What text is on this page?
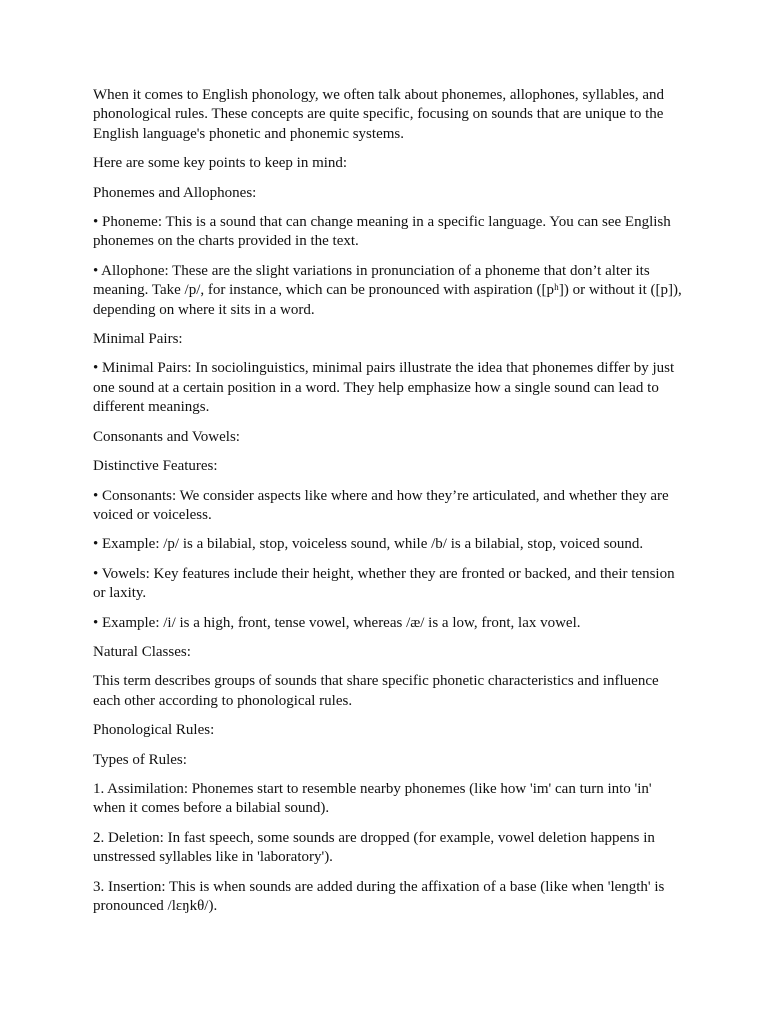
When it comes to English phonology, we often talk about phonemes, allophones, syllables, and phonological rules. These concepts are quite specific, focusing on sounds that are unique to the English language's phonetic and phonemic systems.

Here are some key points to keep in mind:

Phonemes and Allophones:

• Phoneme: This is a sound that can change meaning in a specific language. You can see English phonemes on the charts provided in the text.

• Allophone: These are the slight variations in pronunciation of a phoneme that don’t alter its meaning. Take /p/, for instance, which can be pronounced with aspiration ([pʰ]) or without it ([p]), depending on where it sits in a word.

Minimal Pairs:

• Minimal Pairs: In sociolinguistics, minimal pairs illustrate the idea that phonemes differ by just one sound at a certain position in a word. They help emphasize how a single sound can lead to different meanings.

Consonants and Vowels:

Distinctive Features:

• Consonants: We consider aspects like where and how they’re articulated, and whether they are voiced or voiceless.

• Example: /p/ is a bilabial, stop, voiceless sound, while /b/ is a bilabial, stop, voiced sound.

• Vowels: Key features include their height, whether they are fronted or backed, and their tension or laxity.

• Example: /i/ is a high, front, tense vowel, whereas /æ/ is a low, front, lax vowel.

Natural Classes:

This term describes groups of sounds that share specific phonetic characteristics and influence each other according to phonological rules.

Phonological Rules:

Types of Rules:

1. Assimilation: Phonemes start to resemble nearby phonemes (like how 'im' can turn into 'in' when it comes before a bilabial sound).

2. Deletion: In fast speech, some sounds are dropped (for example, vowel deletion happens in unstressed syllables like in 'laboratory').

3. Insertion: This is when sounds are added during the affixation of a base (like when 'length' is pronounced /lɛŋkθ/).
